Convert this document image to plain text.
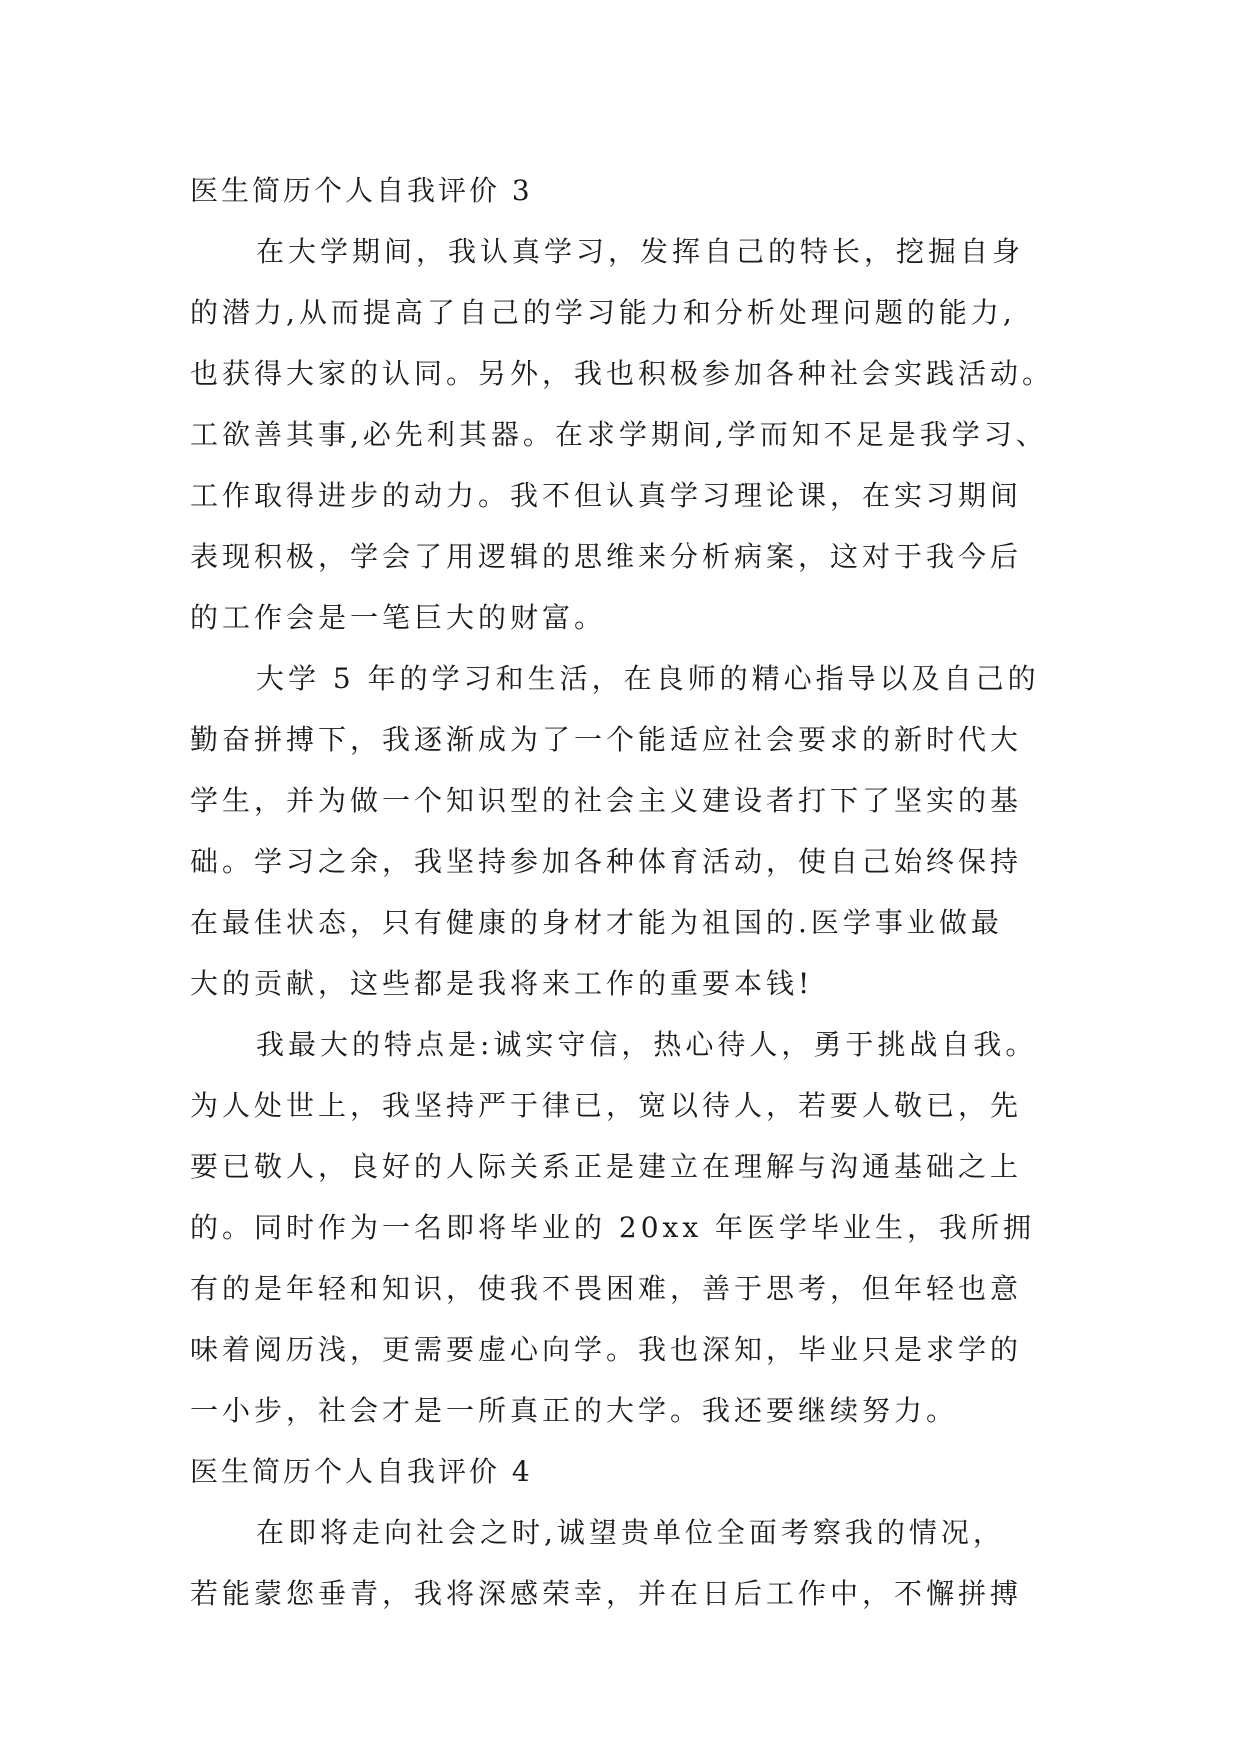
医生简历个人自我评价 3

在大学期间，我认真学习，发挥自己的特长，挖掘自身

的潜力,从而提高了自己的学习能力和分析处理问题的能力,

也获得大家的认同。另外，我也积极参加各种社会实践活动。

工欲善其事,必先利其器。在求学期间,学而知不足是我学习、

工作取得进步的动力。我不但认真学习理论课，在实习期间

表现积极，学会了用逻辑的思维来分析病案，这对于我今后

的工作会是一笔巨大的财富。

大学 5 年的学习和生活，在良师的精心指导以及自己的

勤奋拼搏下，我逐渐成为了一个能适应社会要求的新时代大

学生，并为做一个知识型的社会主义建设者打下了坚实的基

础。学习之余，我坚持参加各种体育活动，使自己始终保持

在最佳状态，只有健康的身材才能为祖国的.医学事业做最

大的贡献，这些都是我将来工作的重要本钱!

我最大的特点是:诚实守信，热心待人，勇于挑战自我。

为人处世上，我坚持严于律已，宽以待人，若要人敬已，先

要已敬人，良好的人际关系正是建立在理解与沟通基础之上

的。同时作为一名即将毕业的 20xx 年医学毕业生，我所拥

有的是年轻和知识，使我不畏困难，善于思考，但年轻也意

味着阅历浅，更需要虚心向学。我也深知，毕业只是求学的

一小步，社会才是一所真正的大学。我还要继续努力。

医生简历个人自我评价 4

在即将走向社会之时,诚望贵单位全面考察我的情况，

若能蒙您垂青，我将深感荣幸，并在日后工作中，不懈拼搏
